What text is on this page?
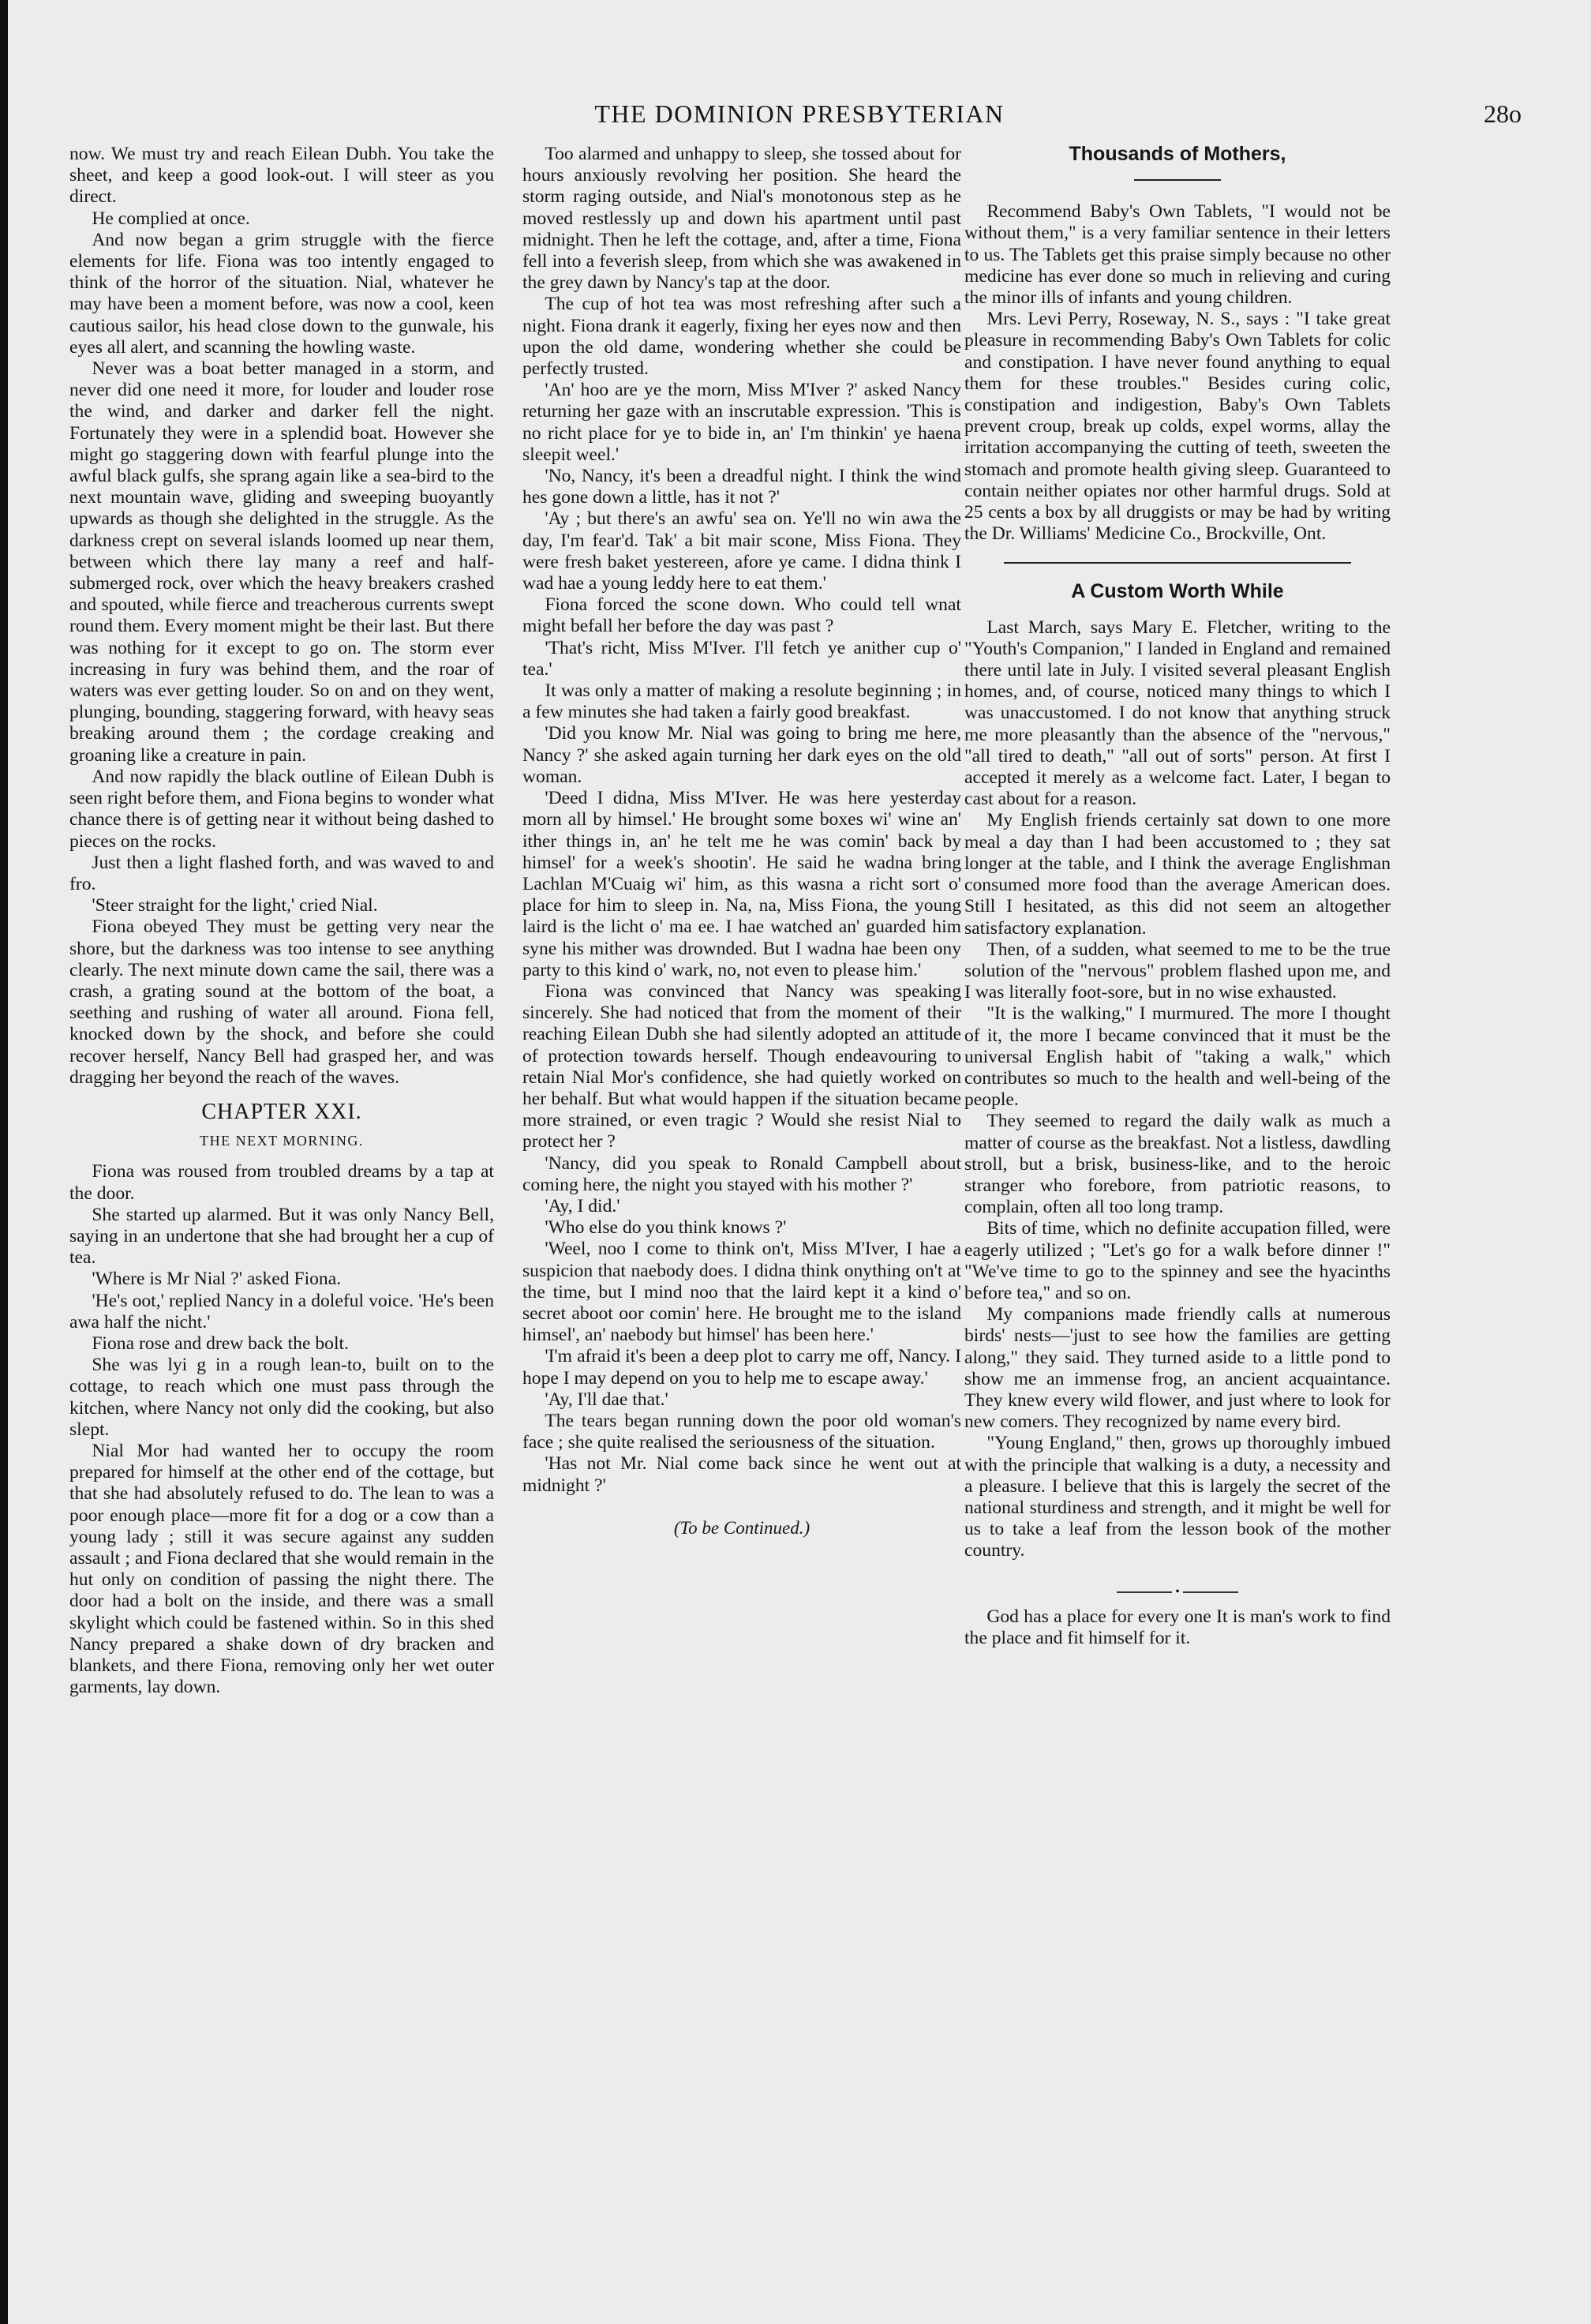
THE DOMINION PRESBYTERIAN	28o

now. We must try and reach Eilean Dubh. You take the sheet, and keep a good look-out. I will steer as you direct.

He complied at once.

And now began a grim struggle with the fierce elements for life. Fiona was too intently engaged to think of the horror of the situation. Nial, whatever he may have been a moment before, was now a cool, keen cautious sailor, his head close down to the gunwale, his eyes all alert, and scanning the howling waste.

Never was a boat better managed in a storm, and never did one need it more, for louder and louder rose the wind, and darker and darker fell the night. Fortunately they were in a splendid boat. However she might go staggering down with fearful plunge into the awful black gulfs, she sprang again like a sea-bird to the next mountain wave, gliding and sweeping buoyantly upwards as though she delighted in the struggle. As the darkness crept on several islands loomed up near them, between which there lay many a reef and half-submerged rock, over which the heavy breakers crashed and spouted, while fierce and treacherous currents swept round them. Every moment might be their last. But there was nothing for it except to go on. The storm ever increasing in fury was behind them, and the roar of waters was ever getting louder. So on and on they went, plunging, bounding, staggering forward, with heavy seas breaking around them ; the cordage creaking and groaning like a creature in pain.

And now rapidly the black outline of Eilean Dubh is seen right before them, and Fiona begins to wonder what chance there is of getting near it without being dashed to pieces on the rocks.

Just then a light flashed forth, and was waved to and fro.

'Steer straight for the light,' cried Nial.

Fiona obeyed They must be getting very near the shore, but the darkness was too intense to see anything clearly. The next minute down came the sail, there was a crash, a grating sound at the bottom of the boat, a seething and rushing of water all around. Fiona fell, knocked down by the shock, and before she could recover herself, Nancy Bell had grasped her, and was dragging her beyond the reach of the waves.

CHAPTER XXI.
THE NEXT MORNING.

Fiona was roused from troubled dreams by a tap at the door.

She started up alarmed. But it was only Nancy Bell, saying in an undertone that she had brought her a cup of tea.

'Where is Mr Nial ?' asked Fiona.

'He's oot,' replied Nancy in a doleful voice. 'He's been awa half the nicht.'

Fiona rose and drew back the bolt.

She was lyi g in a rough lean-to, built on to the cottage, to reach which one must pass through the kitchen, where Nancy not only did the cooking, but also slept.

Nial Mor had wanted her to occupy the room prepared for himself at the other end of the cottage, but that she had absolutely refused to do. The lean to was a poor enough place—more fit for a dog or a cow than a young lady ; still it was secure against any sudden assault ; and Fiona declared that she would remain in the hut only on condition of passing the night there. The door had a bolt on the inside, and there was a small skylight which could be fastened within. So in this shed Nancy prepared a shake down of dry bracken and blankets, and there Fiona, removing only her wet outer garments, lay down.

Too alarmed and unhappy to sleep, she tossed about for hours anxiously revolving her position. She heard the storm raging outside, and Nial's monotonous step as he moved restlessly up and down his apartment until past midnight. Then he left the cottage, and, after a time, Fiona fell into a feverish sleep, from which she was awakened in the grey dawn by Nancy's tap at the door.

The cup of hot tea was most refreshing after such a night. Fiona drank it eagerly, fixing her eyes now and then upon the old dame, wondering whether she could be perfectly trusted.

'An' hoo are ye the morn, Miss M'Iver ?' asked Nancy returning her gaze with an inscrutable expression. 'This is no richt place for ye to bide in, an' I'm thinkin' ye haena sleepit weel.'

'No, Nancy, it's been a dreadful night. I think the wind hes gone down a little, has it not ?'

'Ay ; but there's an awfu' sea on. Ye'll no win awa the day, I'm fear'd. Tak' a bit mair scone, Miss Fiona. They were fresh baket yestereen, afore ye came. I didna think I wad hae a young leddy here to eat them.'

Fiona forced the scone down. Who could tell wnat might befall her before the day was past ?

'That's richt, Miss M'Iver. I'll fetch ye anither cup o' tea.'

It was only a matter of making a resolute beginning ; in a few minutes she had taken a fairly good breakfast.

'Did you know Mr. Nial was going to bring me here, Nancy ?' she asked again turning her dark eyes on the old woman.

'Deed I didna, Miss M'Iver. He was here yesterday morn all by himsel.' He brought some boxes wi' wine an' ither things in, an' he telt me he was comin' back by himsel' for a week's shootin'. He said he wadna bring Lachlan M'Cuaig wi' him, as this wasna a richt sort o' place for him to sleep in. Na, na, Miss Fiona, the young laird is the licht o' ma ee. I hae watched an' guarded him syne his mither was drownded. But I wadna hae been ony party to this kind o' wark, no, not even to please him.'

Fiona was convinced that Nancy was speaking sincerely. She had noticed that from the moment of their reaching Eilean Dubh she had silently adopted an attitude of protection towards herself. Though endeavouring to retain Nial Mor's confidence, she had quietly worked on her behalf. But what would happen if the situation became more strained, or even tragic ? Would she resist Nial to protect her ?

'Nancy, did you speak to Ronald Campbell about coming here, the night you stayed with his mother ?'

'Ay, I did.'

'Who else do you think knows ?'

'Weel, noo I come to think on't, Miss M'Iver, I hae a suspicion that naebody does. I didna think onything on't at the time, but I mind noo that the laird kept it a kind o' secret aboot oor comin' here. He brought me to the island himsel', an' naebody but himsel' has been here.'

'I'm afraid it's been a deep plot to carry me off, Nancy. I hope I may depend on you to help me to escape away.'

'Ay, I'll dae that.'

The tears began running down the poor old woman's face ; she quite realised the seriousness of the situation.

'Has not Mr. Nial come back since he went out at midnight ?'

(To be Continued.)
Thousands of Mothers,

Recommend Baby's Own Tablets, "I would not be without them," is a very familiar sentence in their letters to us. The Tablets get this praise simply because no other medicine has ever done so much in relieving and curing the minor ills of infants and young children.

Mrs. Levi Perry, Roseway, N. S., says : "I take great pleasure in recommending Baby's Own Tablets for colic and constipation. I have never found anything to equal them for these troubles." Besides curing colic, constipation and indigestion, Baby's Own Tablets prevent croup, break up colds, expel worms, allay the irritation accompanying the cutting of teeth, sweeten the stomach and promote health giving sleep. Guaranteed to contain neither opiates nor other harmful drugs. Sold at 25 cents a box by all druggists or may be had by writing the Dr. Williams' Medicine Co., Brockville, Ont.

A Custom Worth While

Last March, says Mary E. Fletcher, writing to the "Youth's Companion," I landed in England and remained there until late in July. I visited several pleasant English homes, and, of course, noticed many things to which I was unaccustomed. I do not know that anything struck me more pleasantly than the absence of the "nervous," "all tired to death," "all out of sorts" person. At first I accepted it merely as a welcome fact. Later, I began to cast about for a reason.

My English friends certainly sat down to one more meal a day than I had been accustomed to ; they sat longer at the table, and I think the average Englishman consumed more food than the average American does. Still I hesitated, as this did not seem an altogether satisfactory explanation.

Then, of a sudden, what seemed to me to be the true solution of the "nervous" problem flashed upon me, and I was literally foot-sore, but in no wise exhausted.

"It is the walking," I murmured. The more I thought of it, the more I became convinced that it must be the universal English habit of "taking a walk," which contributes so much to the health and well-being of the people.

They seemed to regard the daily walk as much a matter of course as the breakfast. Not a listless, dawdling stroll, but a brisk, business-like, and to the heroic stranger who forebore, from patriotic reasons, to complain, often all too long tramp.

Bits of time, which no definite accupation filled, were eagerly utilized ; "Let's go for a walk before dinner !" "We've time to go to the spinney and see the hyacinths before tea," and so on.

My companions made friendly calls at numerous birds' nests—'just to see how the families are getting along," they said. They turned aside to a little pond to show me an immense frog, an ancient acquaintance. They knew every wild flower, and just where to look for new comers. They recognized by name every bird.

"Young England," then, grows up thoroughly imbued with the principle that walking is a duty, a necessity and a pleasure. I believe that this is largely the secret of the national sturdiness and strength, and it might be well for us to take a leaf from the lesson book of the mother country.

•

God has a place for every one It is man's work to find the place and fit himself for it.
